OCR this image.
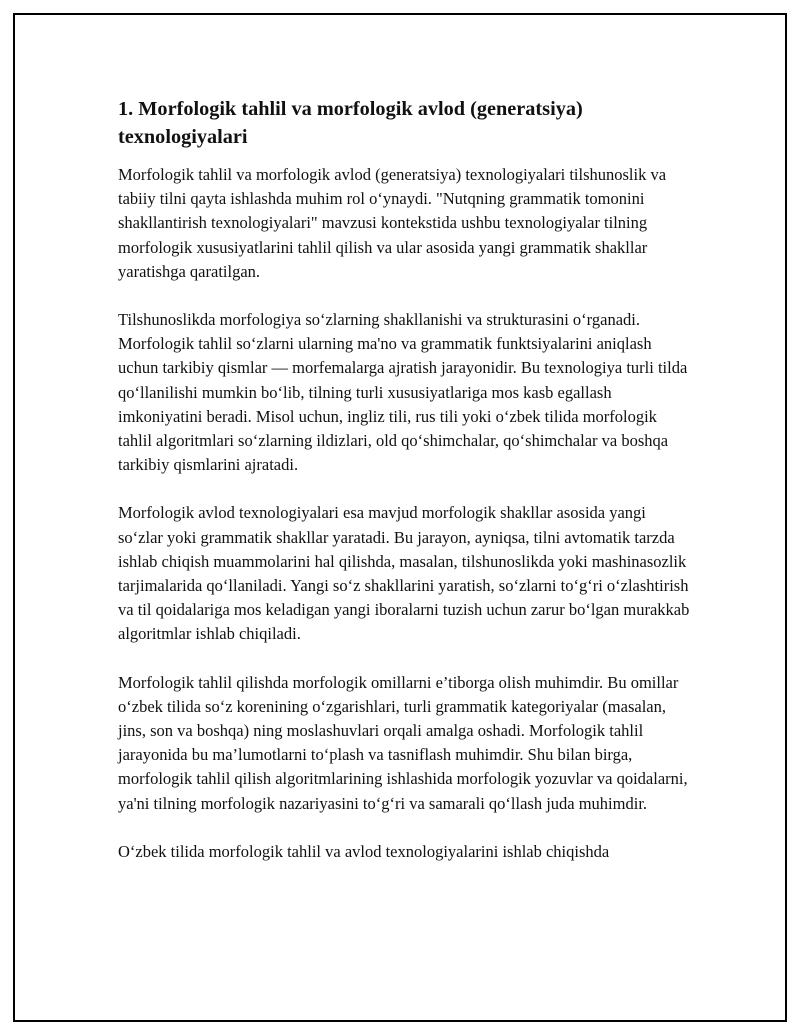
1. Morfologik tahlil va morfologik avlod (generatsiya) texnologiyalari

Morfologik tahlil va morfologik avlod (generatsiya) texnologiyalari tilshunoslik va tabiiy tilni qayta ishlashda muhim rol o‘ynaydi. "Nutqning grammatik tomonini shakllantirish texnologiyalari" mavzusi kontekstida ushbu texnologiyalar tilning morfologik xususiyatlarini tahlil qilish va ular asosida yangi grammatik shakllar yaratishga qaratilgan.

Tilshunoslikda morfologiya so‘zlarning shakllanishi va strukturasini o‘rganadi. Morfologik tahlil so‘zlarni ularning ma'no va grammatik funktsiyalarini aniqlash uchun tarkibiy qismlar — morfemalarga ajratish jarayonidir. Bu texnologiya turli tilda qo‘llanilishi mumkin bo‘lib, tilning turli xususiyatlariga mos kasb egallash imkoniyatini beradi. Misol uchun, ingliz tili, rus tili yoki o‘zbek tilida morfologik tahlil algoritmlari so‘zlarning ildizlari, old qo‘shimchalar, qo‘shimchalar va boshqa tarkibiy qismlarini ajratadi.

Morfologik avlod texnologiyalari esa mavjud morfologik shakllar asosida yangi so‘zlar yoki grammatik shakllar yaratadi. Bu jarayon, ayniqsa, tilni avtomatik tarzda ishlab chiqish muammolarini hal qilishda, masalan, tilshunoslikda yoki mashinasozlik tarjimalarida qo‘llaniladi. Yangi so‘z shakllarini yaratish, so‘zlarni to‘g‘ri o‘zlashtirish va til qoidalariga mos keladigan yangi iboralarni tuzish uchun zarur bo‘lgan murakkab algoritmlar ishlab chiqiladi.

Morfologik tahlil qilishda morfologik omillarni e’tiborga olish muhimdir. Bu omillar o‘zbek tilida so‘z korenining o‘zgarishlari, turli grammatik kategoriyalar (masalan, jins, son va boshqa) ning moslashuvlari orqali amalga oshadi. Morfologik tahlil jarayonida bu ma’lumotlarni to‘plash va tasniflash muhimdir. Shu bilan birga, morfologik tahlil qilish algoritmlarining ishlashida morfologik yozuvlar va qoidalarni, ya'ni tilning morfologik nazariyasini to‘g‘ri va samarali qo‘llash juda muhimdir.

O‘zbek tilida morfologik tahlil va avlod texnologiyalarini ishlab chiqishda
